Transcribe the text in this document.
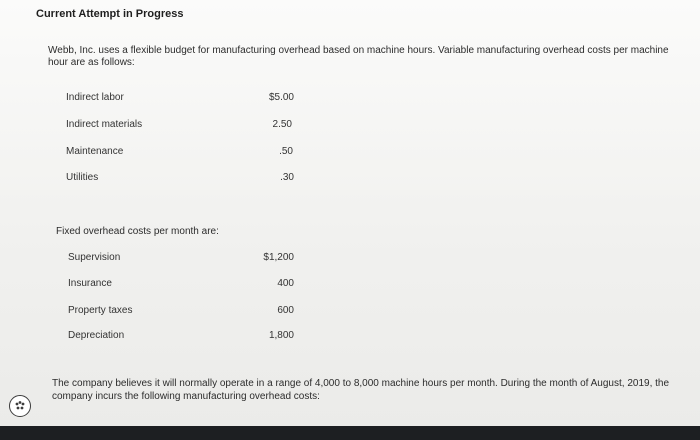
Current Attempt in Progress
Webb, Inc. uses a flexible budget for manufacturing overhead based on machine hours. Variable manufacturing overhead costs per machine hour are as follows:
Indirect labor	$5.00
Indirect materials	2.50
Maintenance	.50
Utilities	.30
Fixed overhead costs per month are:
Supervision	$1,200
Insurance	400
Property taxes	600
Depreciation	1,800
The company believes it will normally operate in a range of 4,000 to 8,000 machine hours per month. During the month of August, 2019, the company incurs the following manufacturing overhead costs:
